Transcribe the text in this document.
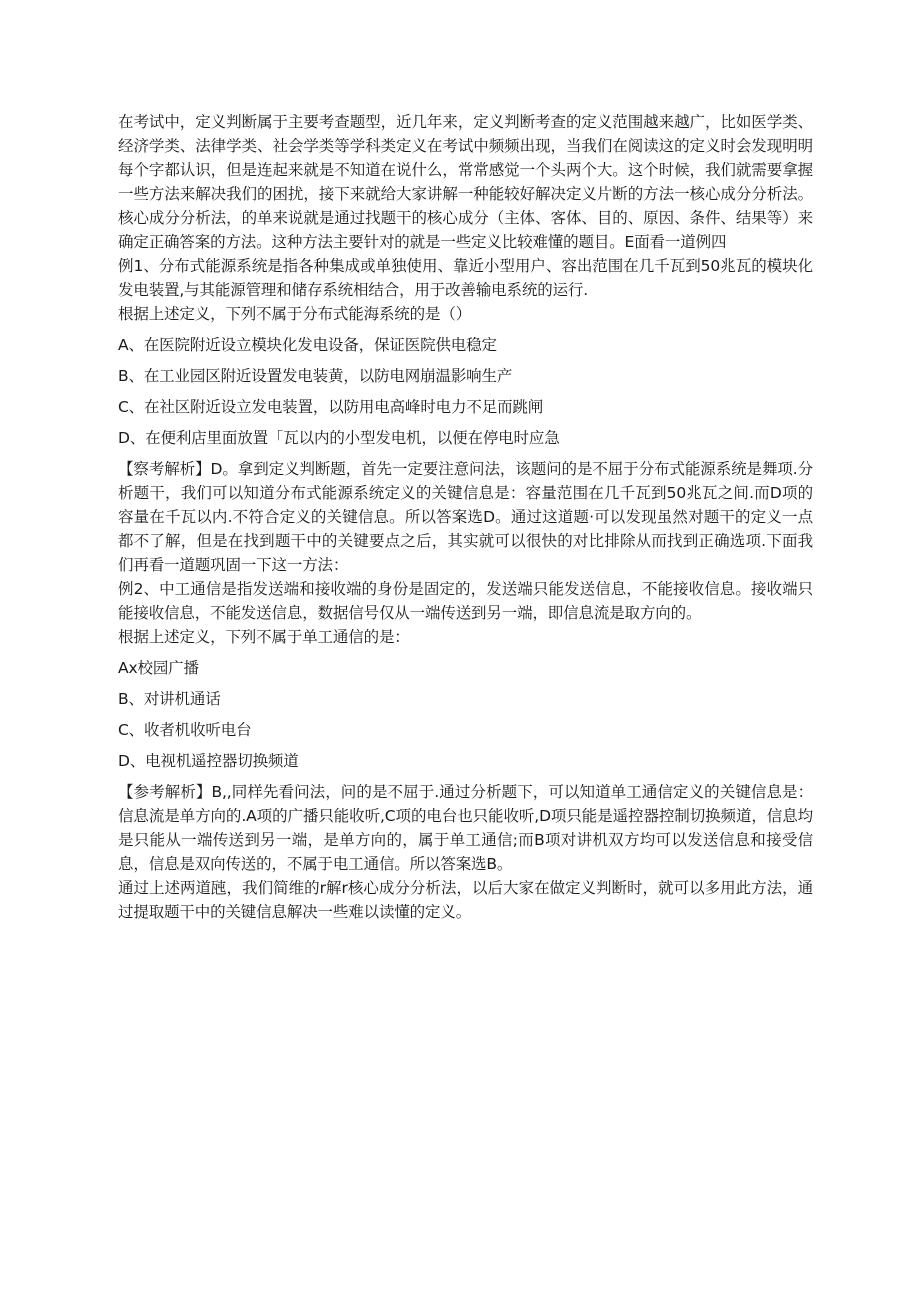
在考试中，定义判断属于主要考查题型，近几年来，定义判断考查的定义范围越来越广，比如医学类、经济学类、法律学类、社会学类等学科类定义在考试中频频出现，当我们在阅读这的定义时会发现明明每个字都认识，但是连起来就是不知道在说什么，常常感觉一个头两个大。这个时候，我们就需要拿握一些方法来解决我们的困扰，接下来就给大家讲解一种能较好解决定义片断的方法一核心成分分析法。核心成分分析法，的单来说就是通过找题干的核心成分（主体、客体、目的、原因、条件、结果等）来确定正确答案的方法。这种方法主要针对的就是一些定义比较难懂的题目。E面看一道例四

例1、分布式能源系统是指各种集成或单独使用、靠近小型用户、容出范围在几千瓦到50兆瓦的模块化发电装置,与其能源管理和储存系统相结合，用于改善输电系统的运行.

根据上述定义，下列不属于分布式能海系统的是（）

A、在医院附近设立模块化发电设备，保证医院供电稳定

B、在工业园区附近设置发电装黄，以防电网崩温影响生产

C、在社区附近设立发电装置，以防用电高峰时电力不足而跳闸

D、在便利店里面放置「瓦以内的小型发电机，以便在停电时应急

【察考解析】D。拿到定义判断题，首先一定要注意问法，该题问的是不屈于分布式能源系统是舞项.分析题干，我们可以知道分布式能源系统定义的关键信息是：容量范围在几千瓦到50兆瓦之间.而D项的容量在千瓦以内.不符合定义的关键信息。所以答案选D。通过这道题·可以发现虽然对题干的定义一点都不了解，但是在找到题干中的关键要点之后，其实就可以很快的对比排除从而找到正确选项.下面我们再看一道题巩固一下这一方法：

例2、中工通信是指发送端和接收端的身份是固定的，发送端只能发送信息，不能接收信息。接收端只能接收信息，不能发送信息，数据信号仅从一端传送到另一端，即信息流是取方向的。

根据上述定义，下列不属于单工通信的是：

Ax校园广播

B、对讲机通话

C、收者机收听电台

D、电视机遥控器切换频道

【参考解析】B,,同样先看问法，问的是不屈于.通过分析题下，可以知道单工通信定义的关键信息是：信息流是单方向的.A项的广播只能收听,C项的电台也只能收听,D项只能是遥控器控制切换频道，信息均是只能从一端传送到另一端，是单方向的，属于单工通信;而B项对讲机双方均可以发送信息和接受信息，信息是双向传送的，不属于电工通信。所以答案选B。

通过上述两道瓲，我们简维的r解r核心成分分析法，以后大家在做定义判断时，就可以多用此方法，通过提取题干中的关键信息解决一些难以读懂的定义。
